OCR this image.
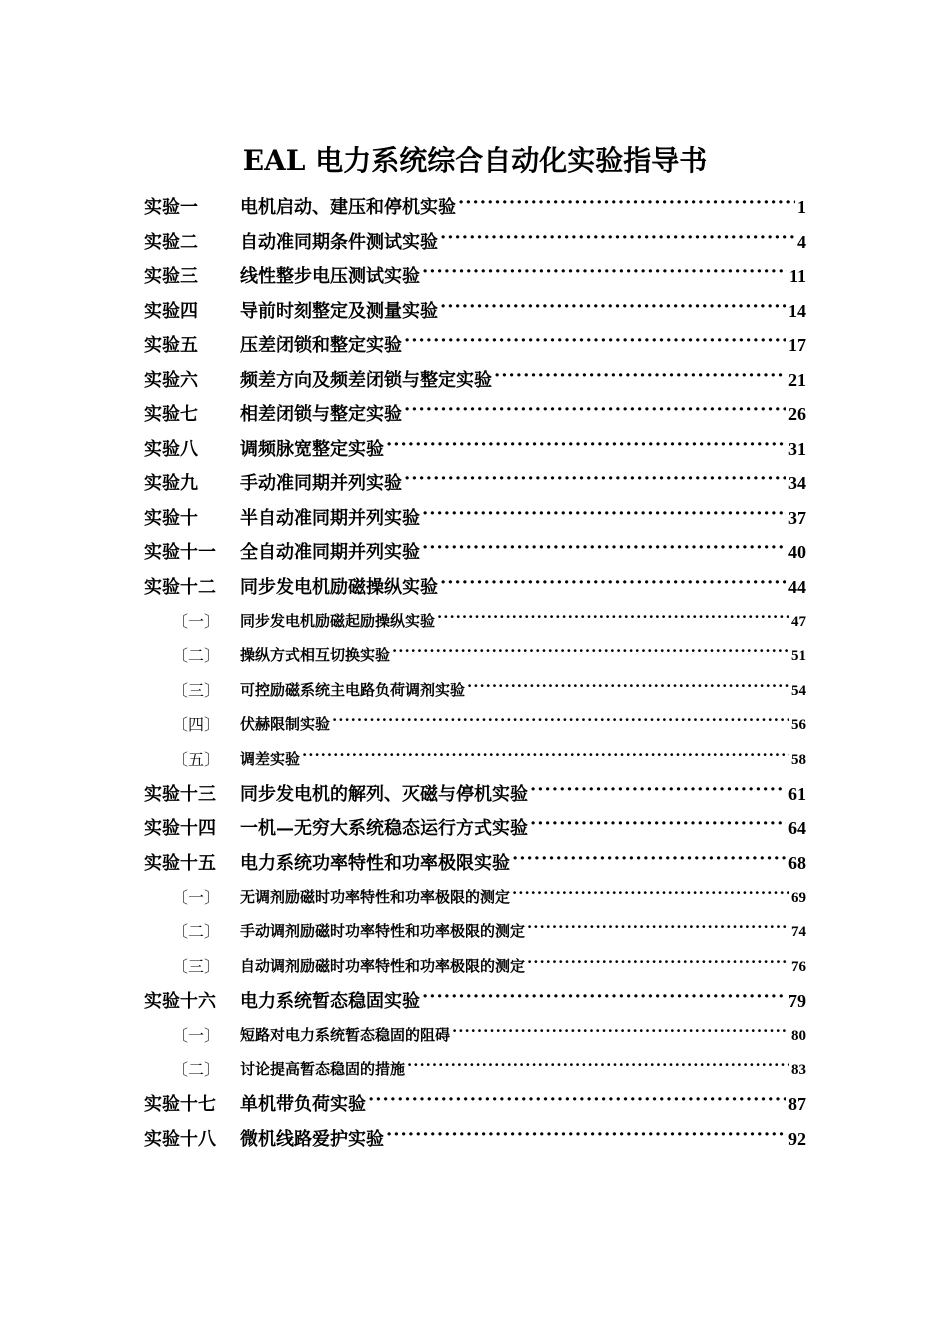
EAL 电力系统综合自动化实验指导书
实验一 电机启动、建压和停机实验 ·····	1
实验二 自动准同期条件测试实验 ·····	4
实验三 线性整步电压测试实验 ·····	11
实验四 导前时刻整定及测量实验 ·····	14
实验五 压差闭锁和整定实验 ·····	17
实验六 频差方向及频差闭锁与整定实验 ·····	21
实验七 相差闭锁与整定实验 ·····	26
实验八 调频脉宽整定实验 ·····	31
实验九 手动准同期并列实验 ·····	34
实验十 半自动准同期并列实验 ·····	37
实验十一 全自动准同期并列实验 ·····	40
实验十二 同步发电机励磁操纵实验 ·····	44
〔一〕 同步发电机励磁起励操纵实验 ·····	47
〔二〕 操纵方式相互切换实验 ·····	51
〔三〕 可控励磁系统主电路负荷调剂实验 ·····	54
〔四〕 伏赫限制实验 ·····	56
〔五〕 调差实验 ·····	58
实验十三 同步发电机的解列、灭磁与停机实验 ·····	61
实验十四 一机—无穷大系统稳态运行方式实验 ·····	64
实验十五 电力系统功率特性和功率极限实验 ·····	68
〔一〕 无调剂励磁时功率特性和功率极限的测定 ·····	69
〔二〕 手动调剂励磁时功率特性和功率极限的测定 ·····	74
〔三〕 自动调剂励磁时功率特性和功率极限的测定 ·····	76
实验十六 电力系统暂态稳固实验 ·····	79
〔一〕 短路对电力系统暂态稳固的阻碍 ·····	80
〔二〕 讨论提高暂态稳固的措施 ·····	83
实验十七 单机带负荷实验 ·····	87
实验十八 微机线路爱护实验 ·····	92
